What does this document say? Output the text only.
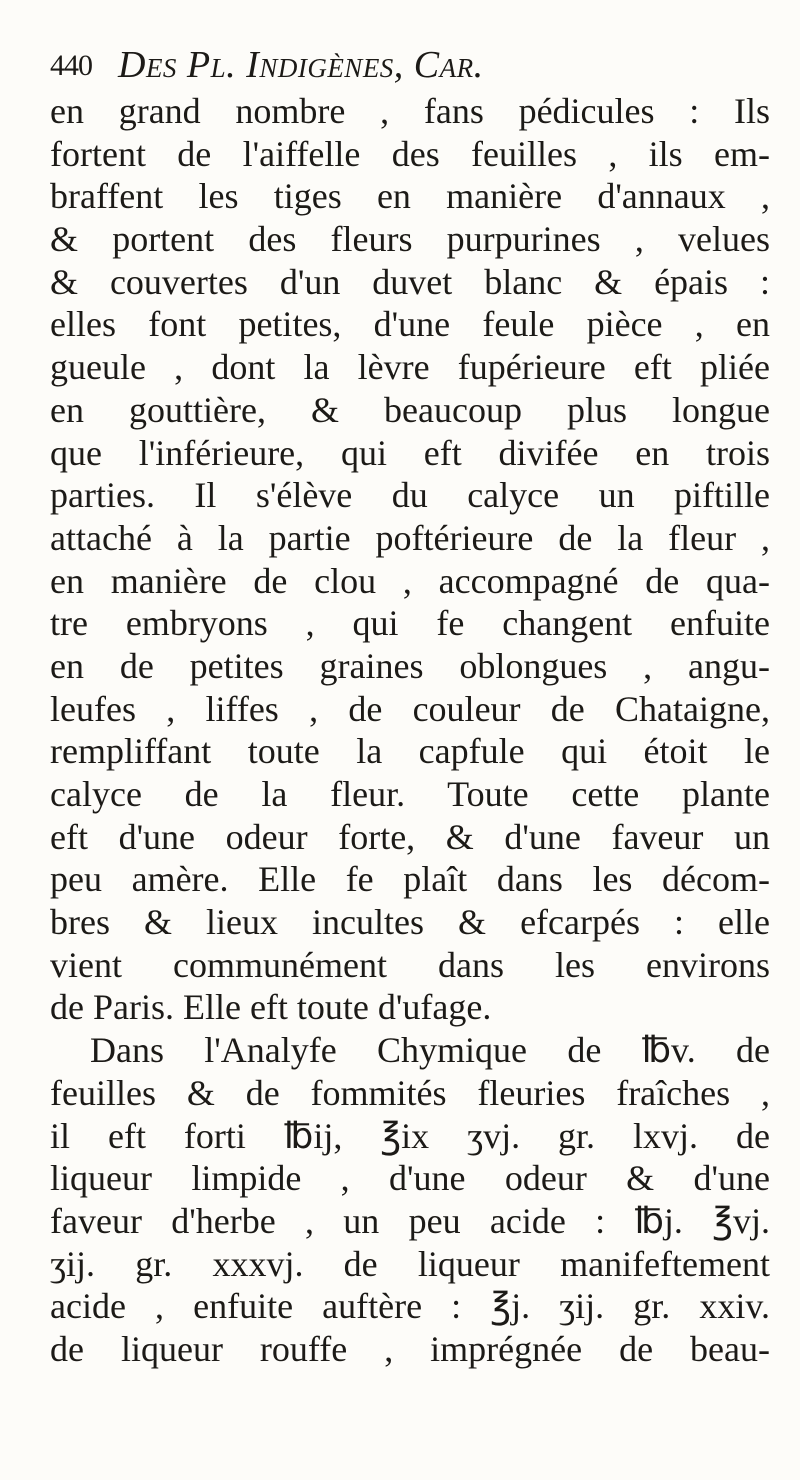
440 Des Pl. Indigènes, Car.
en grand nombre , fans pédicules : Ils
fortent de l'aiffelle des feuilles , ils em-
braffent les tiges en manière d'annaux ,
& portent des fleurs purpurines , velues
& couvertes d'un duvet blanc & épais :
elles font petites, d'une feule pièce , en
gueule , dont la lèvre fupérieure eft pliée
en gouttière, & beaucoup plus longue
que l'inférieure, qui eft divifée en trois
parties. Il s'élève du calyce un piftille
attaché à la partie poftérieure de la fleur ,
en manière de clou , accompagné de qua-
tre embryons , qui fe changent enfuite
en de petites graines oblongues , angu-
leufes , liffes , de couleur de Chataigne,
rempliffant toute la capfule qui étoit le
calyce de la fleur. Toute cette plante
eft d'une odeur forte, & d'une faveur un
peu amère. Elle fe plaît dans les décom-
bres & lieux incultes & efcarpés : elle
vient communément dans les environs
de Paris. Elle eft toute d'ufage.
Dans l'Analyfe Chymique de ℔v. de
feuilles & de fommités fleuries fraîches ,
il eft forti ℔ij, ℥ix ʒvj. gr. lxvj. de
liqueur limpide , d'une odeur & d'une
faveur d'herbe , un peu acide : ℔j. ℥vj.
ʒij. gr. xxxvj. de liqueur manifeftement
acide , enfuite auftère : ℥j. ʒij. gr. xxiv.
de liqueur rouffe , imprégnée de beau-
